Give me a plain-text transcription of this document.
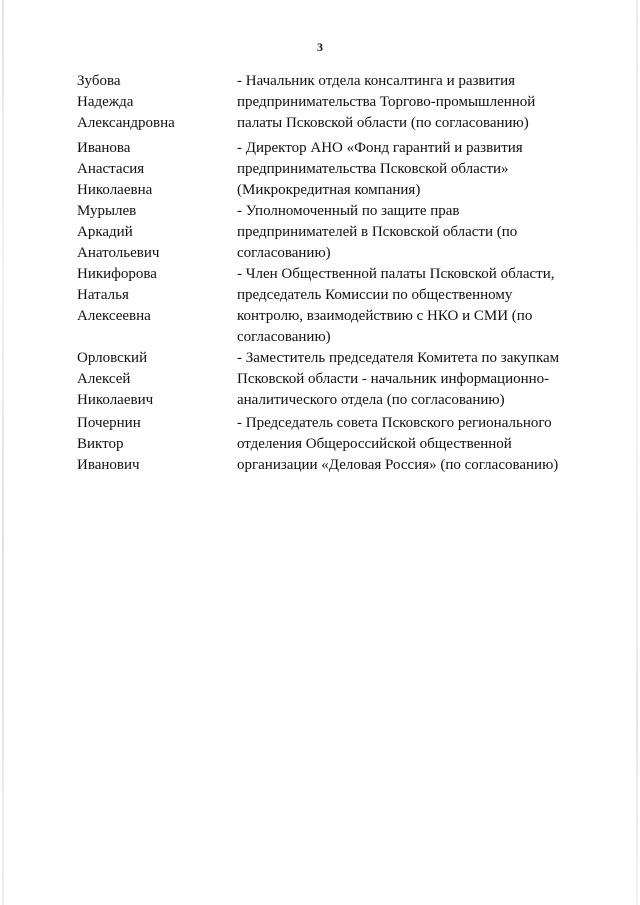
3
Зубова
Надежда
Александровна
- Начальник отдела консалтинга и развития
предпринимательства Торгово-промышленной
палаты Псковской области (по согласованию)
Иванова
Анастасия
Николаевна
- Директор АНО «Фонд гарантий и развития
предпринимательства Псковской области»
(Микрокредитная компания)
Мурылев
Аркадий
Анатольевич
- Уполномоченный по защите прав
предпринимателей в Псковской области (по
согласованию)
Никифорова
Наталья
Алексеевна
- Член Общественной палаты Псковской области,
председатель Комиссии по общественному
контролю, взаимодействию с НКО и СМИ (по
согласованию)
Орловский
Алексей
Николаевич
- Заместитель председателя Комитета по закупкам
Псковской области - начальник информационно-
аналитического отдела (по согласованию)
Почернин
Виктор
Иванович
- Председатель совета Псковского регионального
отделения Общероссийской общественной
организации «Деловая Россия» (по согласованию)
